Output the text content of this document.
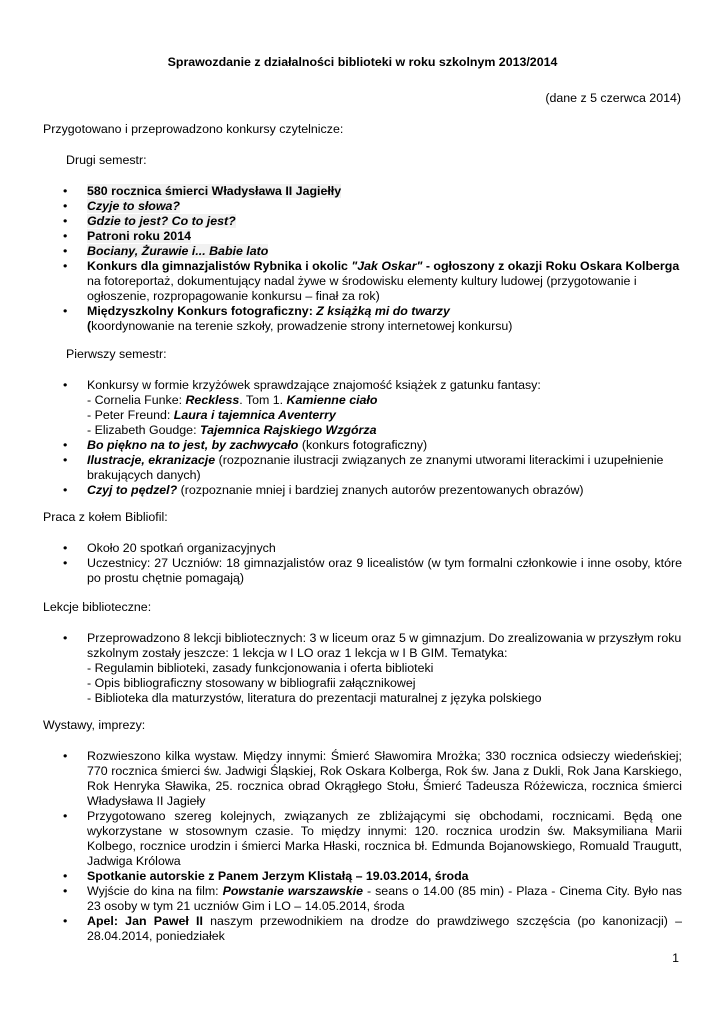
Sprawozdanie z działalności biblioteki w roku szkolnym 2013/2014
(dane z 5 czerwca 2014)
Przygotowano i przeprowadzono konkursy czytelnicze:
Drugi semestr:
• 580 rocznica śmierci Władysława II Jagiełły
• Czyje to słowa?
• Gdzie to jest? Co to jest?
• Patroni roku 2014
• Bociany, Żurawie i... Babie lato
• Konkurs dla gimnazjalistów Rybnika i okolic "Jak Oskar" - ogłoszony z okazji Roku Oskara Kolberga na fotoreportaż, dokumentujący nadal żywe w środowisku elementy kultury ludowej (przygotowanie i ogłoszenie, rozpropagowanie konkursu – finał za rok)
• Międzyszkolny Konkurs fotograficzny: Z książką mi do twarzy
(koordynowanie na terenie szkoły, prowadzenie strony internetowej konkursu)
Pierwszy semestr:
• Konkursy w formie krzyżówek sprawdzające znajomość książek z gatunku fantasy:
- Cornelia Funke: Reckless. Tom 1. Kamienne ciało
- Peter Freund: Laura i tajemnica Aventerry
- Elizabeth Goudge: Tajemnica Rajskiego Wzgórza
• Bo piękno na to jest, by zachwycało (konkurs fotograficzny)
• Ilustracje, ekranizacje (rozpoznanie ilustracji związanych ze znanymi utworami literackimi i uzupełnienie brakujących danych)
• Czyj to pędzel? (rozpoznanie mniej i bardziej znanych autorów prezentowanych obrazów)
Praca z kołem Bibliofil:
• Około 20 spotkań organizacyjnych
• Uczestnicy: 27 Uczniów: 18 gimnazjalistów oraz 9 licealistów (w tym formalni członkowie i inne osoby, które po prostu chętnie pomagają)
Lekcje biblioteczne:
• Przeprowadzono 8 lekcji bibliotecznych: 3 w liceum oraz 5 w gimnazjum. Do zrealizowania w przyszłym roku szkolnym zostały jeszcze: 1 lekcja w I LO oraz 1 lekcja w I B GIM. Tematyka:
- Regulamin biblioteki, zasady funkcjonowania i oferta biblioteki
- Opis bibliograficzny stosowany w bibliografii załącznikowej
- Biblioteka dla maturzystów, literatura do prezentacji maturalnej z języka polskiego
Wystawy, imprezy:
• Rozwieszono kilka wystaw. Między innymi: Śmierć Sławomira Mrożka; 330 rocznica odsieczy wiedeńskiej; 770 rocznica śmierci św. Jadwigi Śląskiej, Rok Oskara Kolberga, Rok św. Jana z Dukli, Rok Jana Karskiego, Rok Henryka Sławika, 25. rocznica obrad Okrągłego Stołu, Śmierć Tadeusza Różewicza, rocznica śmierci Władysława II Jagieły
• Przygotowano szereg kolejnych, związanych ze zbliżającymi się obchodami, rocznicami. Będą one wykorzystane w stosownym czasie. To między innymi: 120. rocznica urodzin św. Maksymiliana Marii Kolbego, rocznice urodzin i śmierci Marka Hłaski, rocznica bł. Edmunda Bojanowskiego, Romuald Traugutt, Jadwiga Królowa
• Spotkanie autorskie z Panem Jerzym Klistałą – 19.03.2014, środa
• Wyjście do kina na film: Powstanie warszawskie - seans o 14.00 (85 min) - Plaza - Cinema City. Było nas 23 osoby w tym 21 uczniów Gim i LO – 14.05.2014, środa
• Apel: Jan Paweł II naszym przewodnikiem na drodze do prawdziwego szczęścia (po kanonizacji) – 28.04.2014, poniedziałek
1
